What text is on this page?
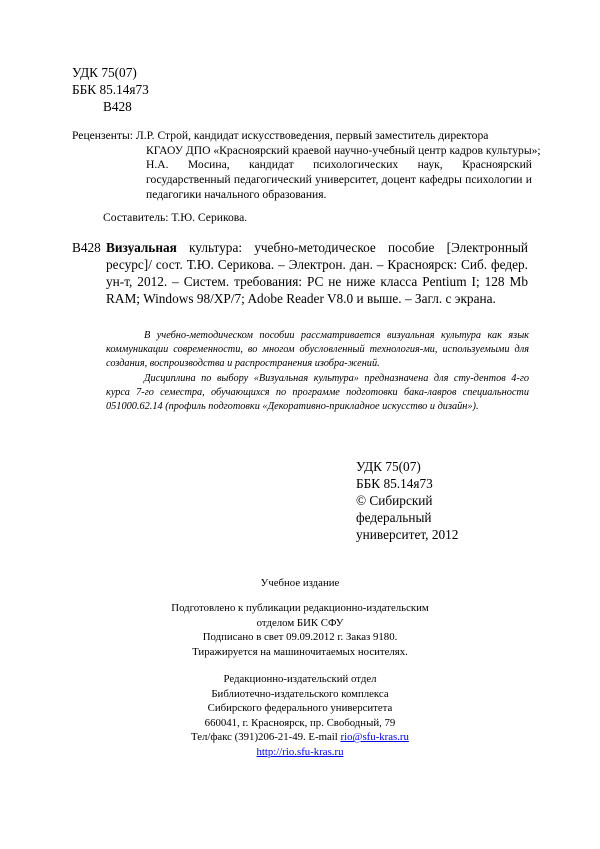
УДК 75(07)
ББК 85.14я73
В428
Рецензенты: Л.Р. Строй, кандидат искусствоведения, первый заместитель директора
КГАОУ ДПО «Красноярский краевой научно-учебный центр кадров культуры»;
Н.А. Мосина, кандидат психологических наук, Красноярский государственный педагогический университет, доцент кафедры психологии и педагогики начального образования.
Составитель: Т.Ю. Серикова.
В428 Визуальная культура: учебно-методическое пособие [Электронный ресурс]/ сост. Т.Ю. Серикова. – Электрон. дан. – Красноярск: Сиб. федер. ун-т, 2012. – Систем. требования: PC не ниже класса Pentium I; 128 Mb RAM; Windows 98/XP/7; Adobe Reader V8.0 и выше. – Загл. с экрана.

В учебно-методическом пособии рассматривается визуальная культура как язык коммуникации современности, во многом обусловленный технология-ми, используемыми для создания, воспроизводства и распространения изобра-жений.

Дисциплина по выбору «Визуальная культура» предназначена для сту-дентов 4-го курса 7-го семестра, обучающихся по программе подготовки бака-лавров специальности 051000.62.14 (профиль подготовки «Декоративно-прикладное искусство и дизайн»).

УДК 75(07)
ББК 85.14я73
© Сибирский
федеральный
университет, 2012
Учебное издание
Подготовлено к публикации редакционно-издательским
отделом БИК СФУ
Подписано в свет 09.09.2012 г. Заказ 9180.
Тиражируется на машиночитаемых носителях.
Редакционно-издательский отдел
Библиотечно-издательского комплекса
Сибирского федерального университета
660041, г. Красноярск, пр. Свободный, 79
Тел/факс (391)206-21-49. E-mail rio@sfu-kras.ru
http://rio.sfu-kras.ru
